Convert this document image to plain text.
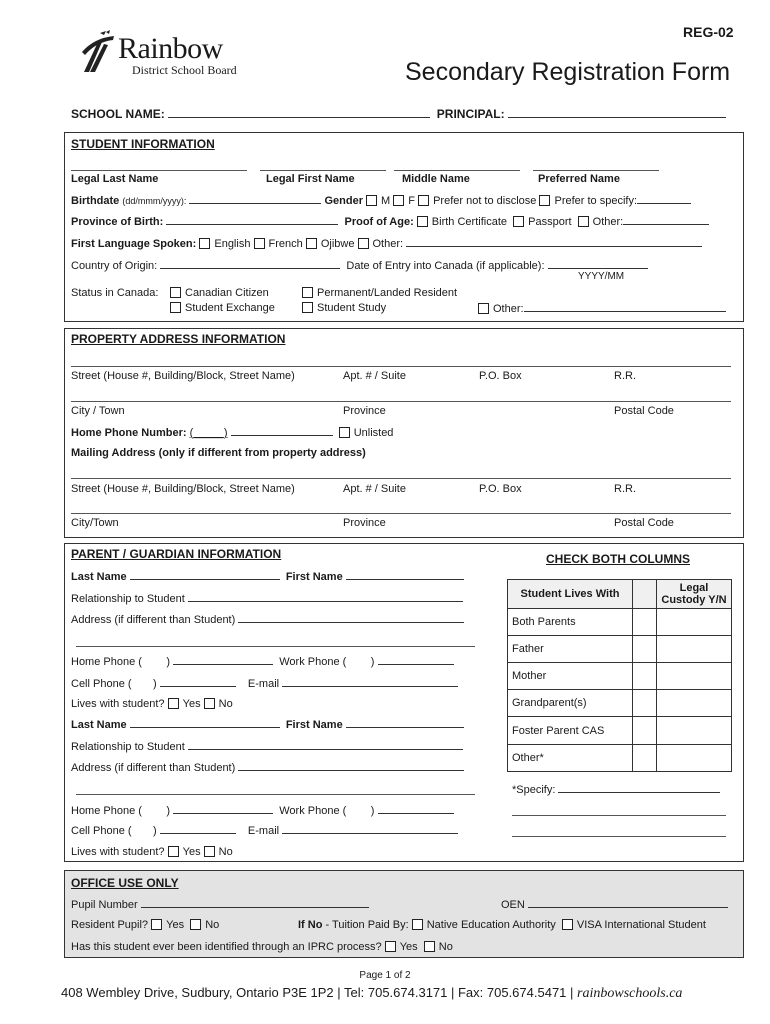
REG-02
Rainbow
District School Board	Secondary Registration Form
SCHOOL NAME:	PRINCIPAL:
STUDENT INFORMATION
Legal Last Name	Legal First Name	Middle Name	Preferred Name
Birthdate (dd/mmm/yyyy):	Gender M F Prefer not to disclose Prefer to specify:
Province of Birth:	Proof of Age: Birth Certificate Passport Other:
First Language Spoken: English French Ojibwe Other:
Country of Origin:	Date of Entry into Canada (if applicable):
YYYY/MM
Status in Canada:	Canadian Citizen	Permanent/Landed Resident
Student Exchange	Student Study	Other:
PROPERTY ADDRESS INFORMATION
Street (House #, Building/Block, Street Name)	Apt. # / Suite	P.O. Box	R.R.
City / Town	Province	Postal Code
Home Phone Number: (_____)	Unlisted
Mailing Address (only if different from property address)
Street (House #, Building/Block, Street Name)	Apt. # / Suite	P.O. Box	R.R.
City/Town	Province	Postal Code
PARENT / GUARDIAN INFORMATION	CHECK BOTH COLUMNS
Last Name	First Name
Relationship to Student
Address (if different than Student)
Home Phone ( )	Work Phone ( )
Cell Phone ( )	E-mail
Lives with student? Yes No
Last Name	First Name
Relationship to Student
Address (if different than Student)
Home Phone ( )	Work Phone ( )
Cell Phone ( )	E-mail
Lives with student? Yes No
Student Lives With		Legal Custody Y/N
Both Parents		
Father		
Mother		
Grandparent(s)		
Foster Parent CAS		
Other*		
*Specify:
OFFICE USE ONLY
Pupil Number	OEN
Resident Pupil? Yes No	If No - Tuition Paid By: Native Education Authority VISA International Student
Has this student ever been identified through an IPRC process? Yes No
Page 1 of 2
408 Wembley Drive, Sudbury, Ontario P3E 1P2 | Tel: 705.674.3171 | Fax: 705.674.5471 | rainbowschools.ca
